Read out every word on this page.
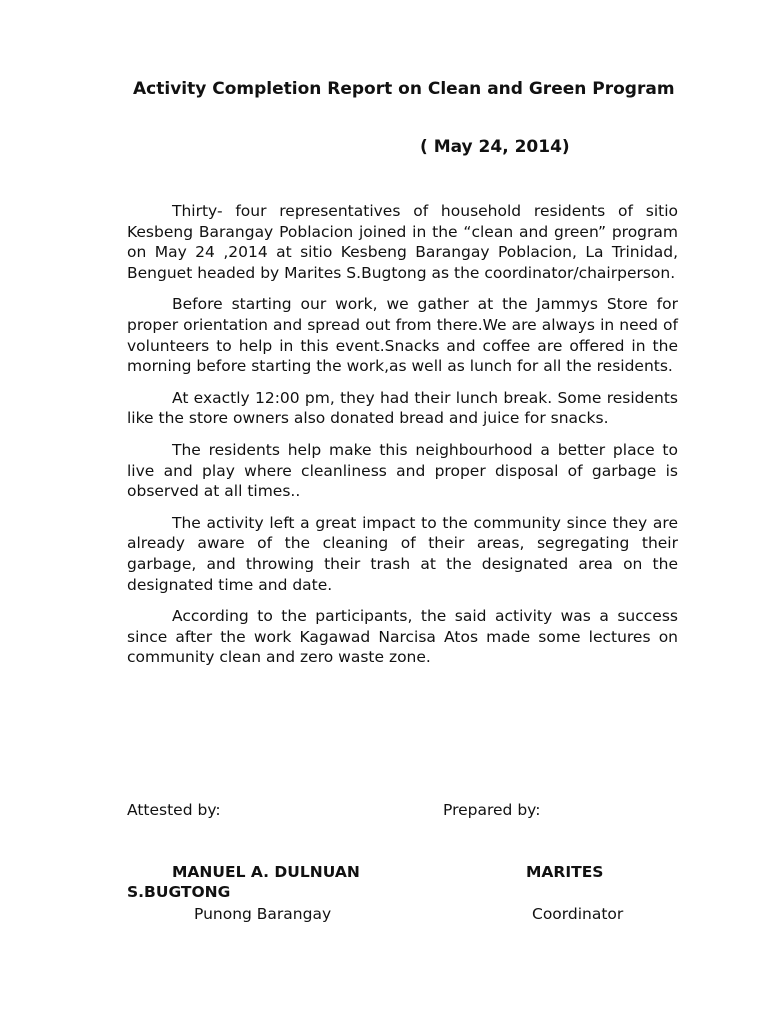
Activity Completion Report on Clean and Green Program

( May 24, 2014)

Thirty- four representatives of household residents of sitio Kesbeng Barangay Poblacion joined in the “clean and green” program on May 24 ,2014 at sitio Kesbeng Barangay Poblacion, La Trinidad, Benguet headed by Marites S.Bugtong as the coordinator/chairperson.

Before starting our work, we gather at the Jammys Store for proper orientation and spread out from there.We are always in need of volunteers to help in this event.Snacks and coffee are offered in the morning before starting the work,as well as lunch for all the residents.

At exactly 12:00 pm, they had their lunch break. Some residents like the store owners also donated bread and juice for snacks.

The residents help make this neighbourhood a better place to live and play where cleanliness and proper disposal of garbage is observed at all times..

The activity left a great impact to the community since they are already aware of the cleaning of their areas, segregating their garbage, and throwing their trash at the designated area on the designated time and date.

According to the participants, the said activity was a success since after the work Kagawad Narcisa Atos made some lectures on community clean and zero waste zone.

Attested by:	Prepared by:

MANUEL A. DULNUAN	MARITES

S.BUGTONG

Punong Barangay	Coordinator
